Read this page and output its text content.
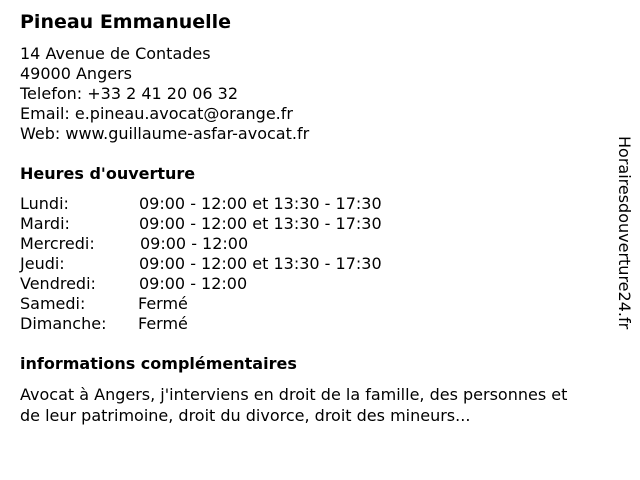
Pineau Emmanuelle
14 Avenue de Contades
49000 Angers
Telefon: +33 2 41 20 06 32
Email: e.pineau.avocat@orange.fr
Web: www.guillaume-asfar-avocat.fr
Heures d'ouverture
Lundi:	09:00 - 12:00 et 13:30 - 17:30
Mardi:	09:00 - 12:00 et 13:30 - 17:30
Mercredi:	09:00 - 12:00
Jeudi:	09:00 - 12:00 et 13:30 - 17:30
Vendredi:	09:00 - 12:00
Samedi:	Fermé
Dimanche: Fermé
informations complémentaires
Avocat à Angers, j'interviens en droit de la famille, des personnes et de leur patrimoine, droit du divorce, droit des mineurs...
Horairesdouverture24.fr
